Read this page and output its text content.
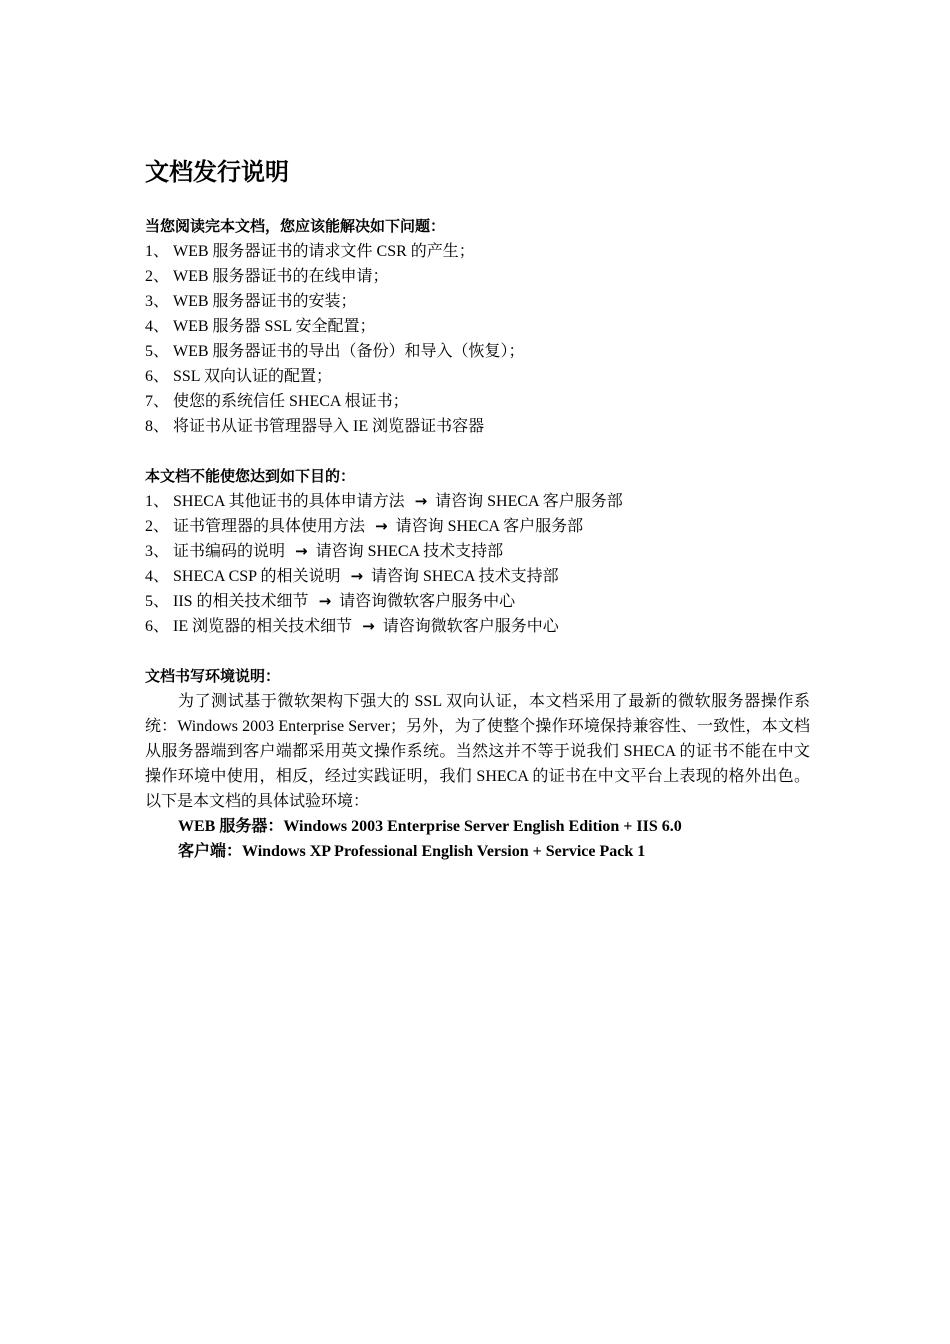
文档发行说明
当您阅读完本文档，您应该能解决如下问题：
1、 WEB 服务器证书的请求文件 CSR 的产生；
2、 WEB 服务器证书的在线申请；
3、 WEB 服务器证书的安装；
4、 WEB 服务器 SSL 安全配置；
5、 WEB 服务器证书的导出（备份）和导入（恢复）；
6、 SSL 双向认证的配置；
7、 使您的系统信任 SHECA 根证书；
8、 将证书从证书管理器导入 IE 浏览器证书容器
本文档不能使您达到如下目的：
1、 SHECA 其他证书的具体申请方法 → 请咨询 SHECA 客户服务部
2、 证书管理器的具体使用方法 → 请咨询 SHECA 客户服务部
3、 证书编码的说明 → 请咨询 SHECA 技术支持部
4、 SHECA CSP 的相关说明 → 请咨询 SHECA 技术支持部
5、 IIS 的相关技术细节 → 请咨询微软客户服务中心
6、 IE 浏览器的相关技术细节 → 请咨询微软客户服务中心
文档书写环境说明：

为了测试基于微软架构下强大的 SSL 双向认证，本文档采用了最新的微软服务器操作系统：Windows 2003 Enterprise Server；另外，为了使整个操作环境保持兼容性、一致性，本文档从服务器端到客户端都采用英文操作系统。当然这并不等于说我们 SHECA 的证书不能在中文操作环境中使用，相反，经过实践证明，我们 SHECA 的证书在中文平台上表现的格外出色。以下是本文档的具体试验环境：

WEB 服务器：Windows 2003 Enterprise Server English Edition + IIS 6.0
客户端：Windows XP Professional English Version + Service Pack 1
